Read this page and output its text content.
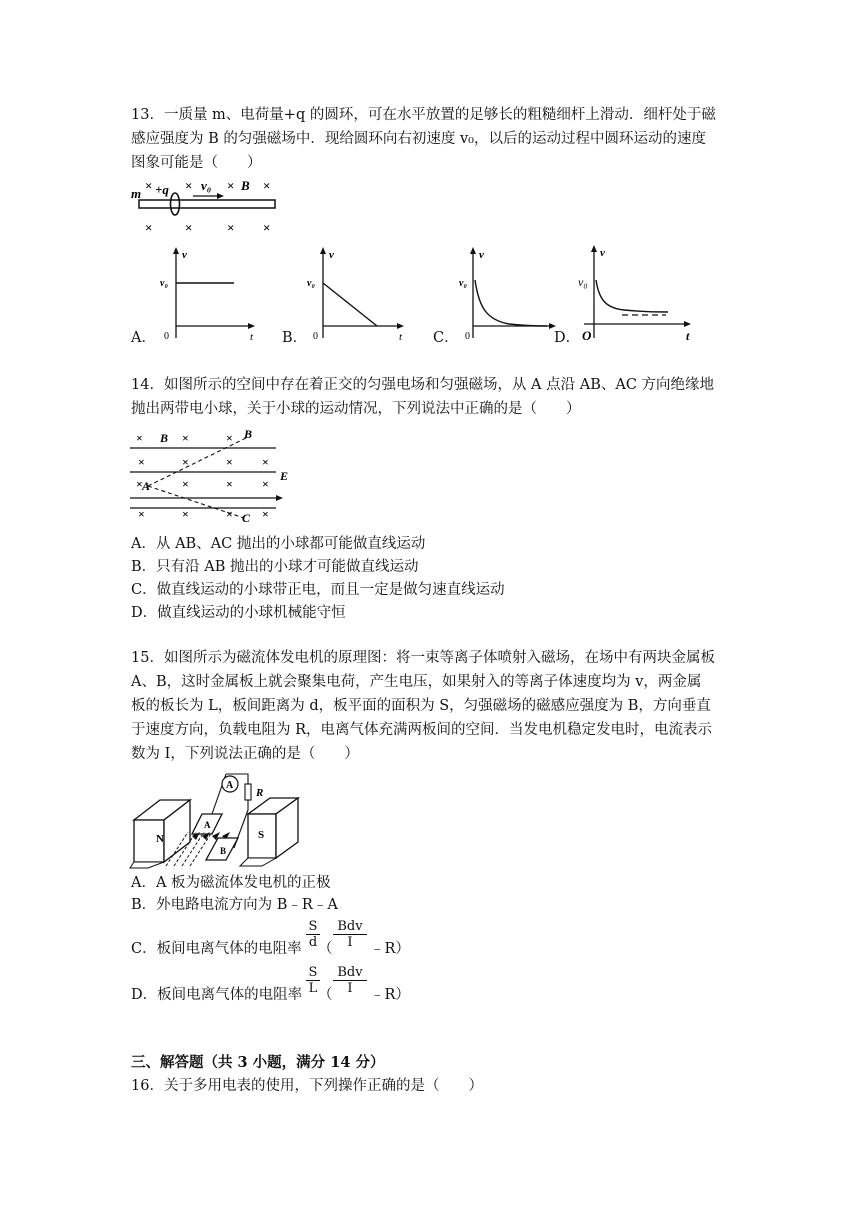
13．一质量 m、电荷量+q 的圆环，可在水平放置的足够长的粗糙细杆上滑动．细杆处于磁
感应强度为 B 的匀强磁场中．现给圆环向右初速度 v₀，以后的运动过程中圆环运动的速度
图象可能是（　　）
×	×	× ×
×	×	× ×
m +q v₀ B
A．	B．	C．	D．
v
v₀
0	t
v
v₀
0	t
v
v₀
0
v
v₀
O	t
14．如图所示的空间中存在着正交的匀强电场和匀强磁场，从 A 点沿 AB、AC 方向绝缘地
抛出两带电小球，关于小球的运动情况，下列说法中正确的是（　　）
×	×	×
×	×	× ×
×	×	× ×
×	×	× ×
B	B
A
C
E
A．从 AB、AC 抛出的小球都可能做直线运动
B．只有沿 AB 抛出的小球才可能做直线运动
C．做直线运动的小球带正电，而且一定是做匀速直线运动
D．做直线运动的小球机械能守恒
15．如图所示为磁流体发电机的原理图：将一束等离子体喷射入磁场，在场中有两块金属板
A、B，这时金属板上就会聚集电荷，产生电压，如果射入的等离子体速度均为 v，两金属
板的板长为 L，板间距离为 d，板平面的面积为 S，匀强磁场的磁感应强度为 B，方向垂直
于速度方向，负载电阻为 R，电离气体充满两板间的空间．当发电机稳定发电时，电流表示
数为 I，下列说法正确的是（　　）
N	S
A
B
A
R
A．A 板为磁流体发电机的正极
B．外电路电流方向为 B﹣R﹣A
C．板间电离气体的电阻率 $\frac{S}{d}$
（
Bdv
I	﹣R）
D．板间电离气体的电阻率 $\frac{S}{L}$
（
Bdv
I	﹣R）
三、解答题（共 3 小题，满分 14 分）
16．关于多用电表的使用，下列操作正确的是（　　）
